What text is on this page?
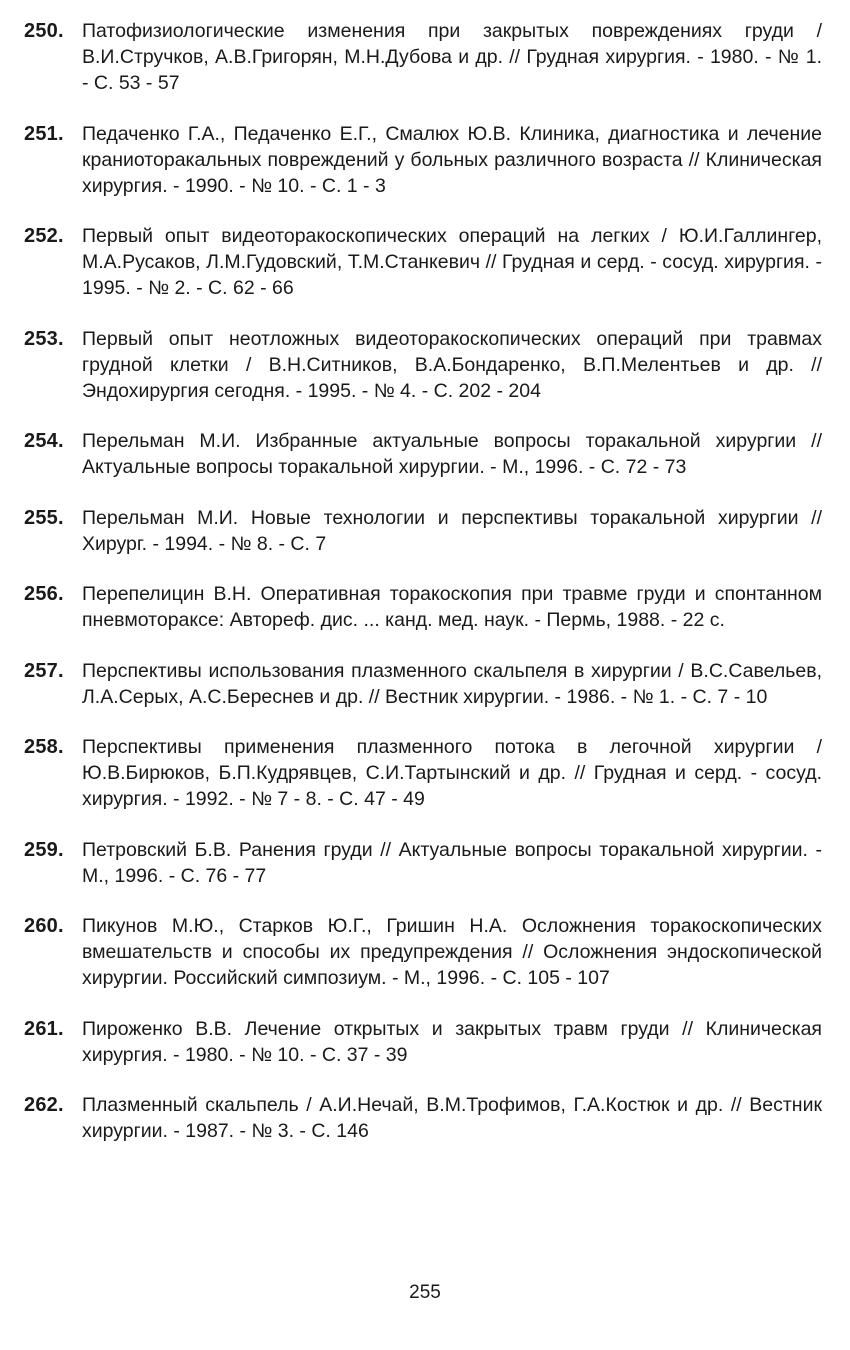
250. Патофизиологические изменения при закрытых повреждениях груди / В.И.Стручков, А.В.Григорян, М.Н.Дубова и др. // Грудная хирургия. - 1980. - № 1. - С. 53 - 57
251. Педаченко Г.А., Педаченко Е.Г., Смалюх Ю.В. Клиника, диагностика и лечение краниоторакальных повреждений у больных различного возраста // Клиническая хирургия. - 1990. - № 10. - С. 1 - 3
252. Первый опыт видеоторакоскопических операций на легких / Ю.И.Галлингер, М.А.Русаков, Л.М.Гудовский, Т.М.Станкевич // Грудная и серд. - сосуд. хирургия. - 1995. - № 2. - С. 62 - 66
253. Первый опыт неотложных видеоторакоскопических операций при травмах грудной клетки / В.Н.Ситников, В.А.Бондаренко, В.П.Мелентьев и др. // Эндохирургия сегодня. - 1995. - № 4. - С. 202 - 204
254. Перельман М.И. Избранные актуальные вопросы торакальной хирургии // Актуальные вопросы торакальной хирургии. - М., 1996. - С. 72 - 73
255. Перельман М.И. Новые технологии и перспективы торакальной хирургии // Хирург. - 1994. - № 8. - С. 7
256. Перепелицин В.Н. Оперативная торакоскопия при травме груди и спонтанном пневмотораксе: Автореф. дис. ... канд. мед. наук. - Пермь, 1988. - 22 с.
257. Перспективы использования плазменного скальпеля в хирургии / В.С.Савельев, Л.А.Серых, А.С.Береснев и др. // Вестник хирургии. - 1986. - № 1. - С. 7 - 10
258. Перспективы применения плазменного потока в легочной хирургии / Ю.В.Бирюков, Б.П.Кудрявцев, С.И.Тартынский и др. // Грудная и серд. - сосуд. хирургия. - 1992. - № 7 - 8. - С. 47 - 49
259. Петровский Б.В. Ранения груди // Актуальные вопросы торакальной хирургии. - М., 1996. - С. 76 - 77
260. Пикунов М.Ю., Старков Ю.Г., Гришин Н.А. Осложнения торакоскопических вмешательств и способы их предупреждения // Осложнения эндоскопической хирургии. Российский симпозиум. - М., 1996. - С. 105 - 107
261. Пироженко В.В. Лечение открытых и закрытых травм груди // Клиническая хирургия. - 1980. - № 10. - С. 37 - 39
262. Плазменный скальпель / А.И.Нечай, В.М.Трофимов, Г.А.Костюк и др. // Вестник хирургии. - 1987. - № 3. - С. 146
255
